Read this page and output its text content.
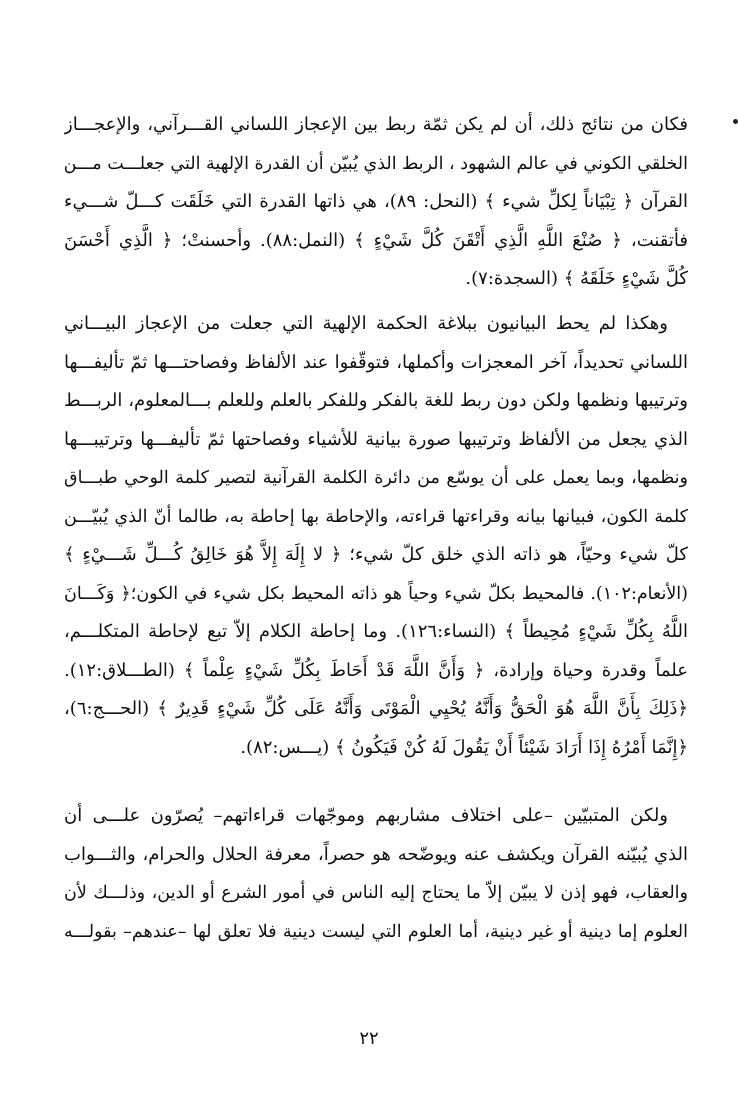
فكان من نتائج ذلك، أن لم يكن ثمّة ربط بين الإعجاز اللساني القـــرآني، والإعجـــاز
الخلقي الكوني في عالم الشهود ، الربط الذي يُبيّن أن القدرة الإلهية التي جعلـــت مـــن
القرآن ﴿ تِبْيَاناً لِكلِّ شيء ﴾ (النحل: ٨٩)، هي ذاتها القدرة التي خَلَقَت كـــلّ شـــيء
فأتقنت، ﴿ صُنْعَ اللَّهِ الَّذِي أَتْقَنَ كُلَّ شَيْءٍ ﴾ (النمل:٨٨). وأحسنتْ؛ ﴿ الَّذِي أَحْسَنَ
كُلَّ شَيْءٍ خَلَقَهُ ﴾ (السجدة:٧).
وهكذا لم يحط البيانيون ببلاغة الحكمة الإلهية التي جعلت من الإعجاز البيـــاني
اللساني تحديداً، آخر المعجزات وأكملها، فتوقّفوا عند الألفاظ وفصاحتـــها ثمّ تأليفـــها
وترتيبها ونظمها ولكن دون ربط للغة بالفكر وللفكر بالعلم وللعلم بـــالمعلوم، الربـــط
الذي يجعل من الألفاظ وترتيبها صورة بيانية للأشياء وفصاحتها ثمّ تأليفـــها وترتيبـــها
ونظمها، وبما يعمل على أن يوسّع من دائرة الكلمة القرآنية لتصير كلمة الوحي طبـــاق
كلمة الكون، فبيانها بيانه وقراءتها قراءته، والإحاطة بها إحاطة به، طالما أنّ الذي يُبيّـــن
كلّ شيء وحيّاً، هو ذاته الذي خلق كلّ شيء؛ ﴿ لا إِلَهَ إِلاَّ هُوَ خَالِقُ كُـــلِّ شَـــيْءٍ ﴾
(الأنعام:١٠٢). فالمحيط بكلّ شيء وحياً هو ذاته المحيط بكل شيء في الكون؛﴿ وَكَـــانَ
اللَّهُ بِكُلِّ شَيْءٍ مُحِيطاً ﴾ (النساء:١٢٦). وما إحاطة الكلام إلاّ تبع لإحاطة المتكلـــم،
علماً وقدرة وحياة وإرادة، ﴿ وَأَنَّ اللَّهَ قَدْ أَحَاطَ بِكُلِّ شَيْءٍ عِلْماً ﴾ (الطـــلاق:١٢).
﴿ذَلِكَ بِأَنَّ اللَّهَ هُوَ الْحَقُّ وَأَنَّهُ يُحْيِي الْمَوْتَى وَأَنَّهُ عَلَى كُلِّ شَيْءٍ قَدِيرٌ ﴾ (الحـــج:٦)،
﴿إِنَّمَا أَمْرُهُ إِذَا أَرَادَ شَيْئاً أَنْ يَقُولَ لَهُ كُنْ فَيَكُونُ ﴾ (يـــس:٨٢).
ولكن المتبيّين –على اختلاف مشاربهم وموجّهات قراءاتهم– يُصرّون علـــى أن
الذي يُبيّنه القرآن ويكشف عنه ويوضّحه هو حصراً، معرفة الحلال والحرام، والثـــواب
والعقاب، فهو إذن لا يبيّن إلاّ ما يحتاج إليه الناس في أمور الشرع أو الدين، وذلـــك لأن
العلوم إما دينية أو غير دينية، أما العلوم التي ليست دينية فلا تعلق لها –عندهم– بقولـــه
٢٢
